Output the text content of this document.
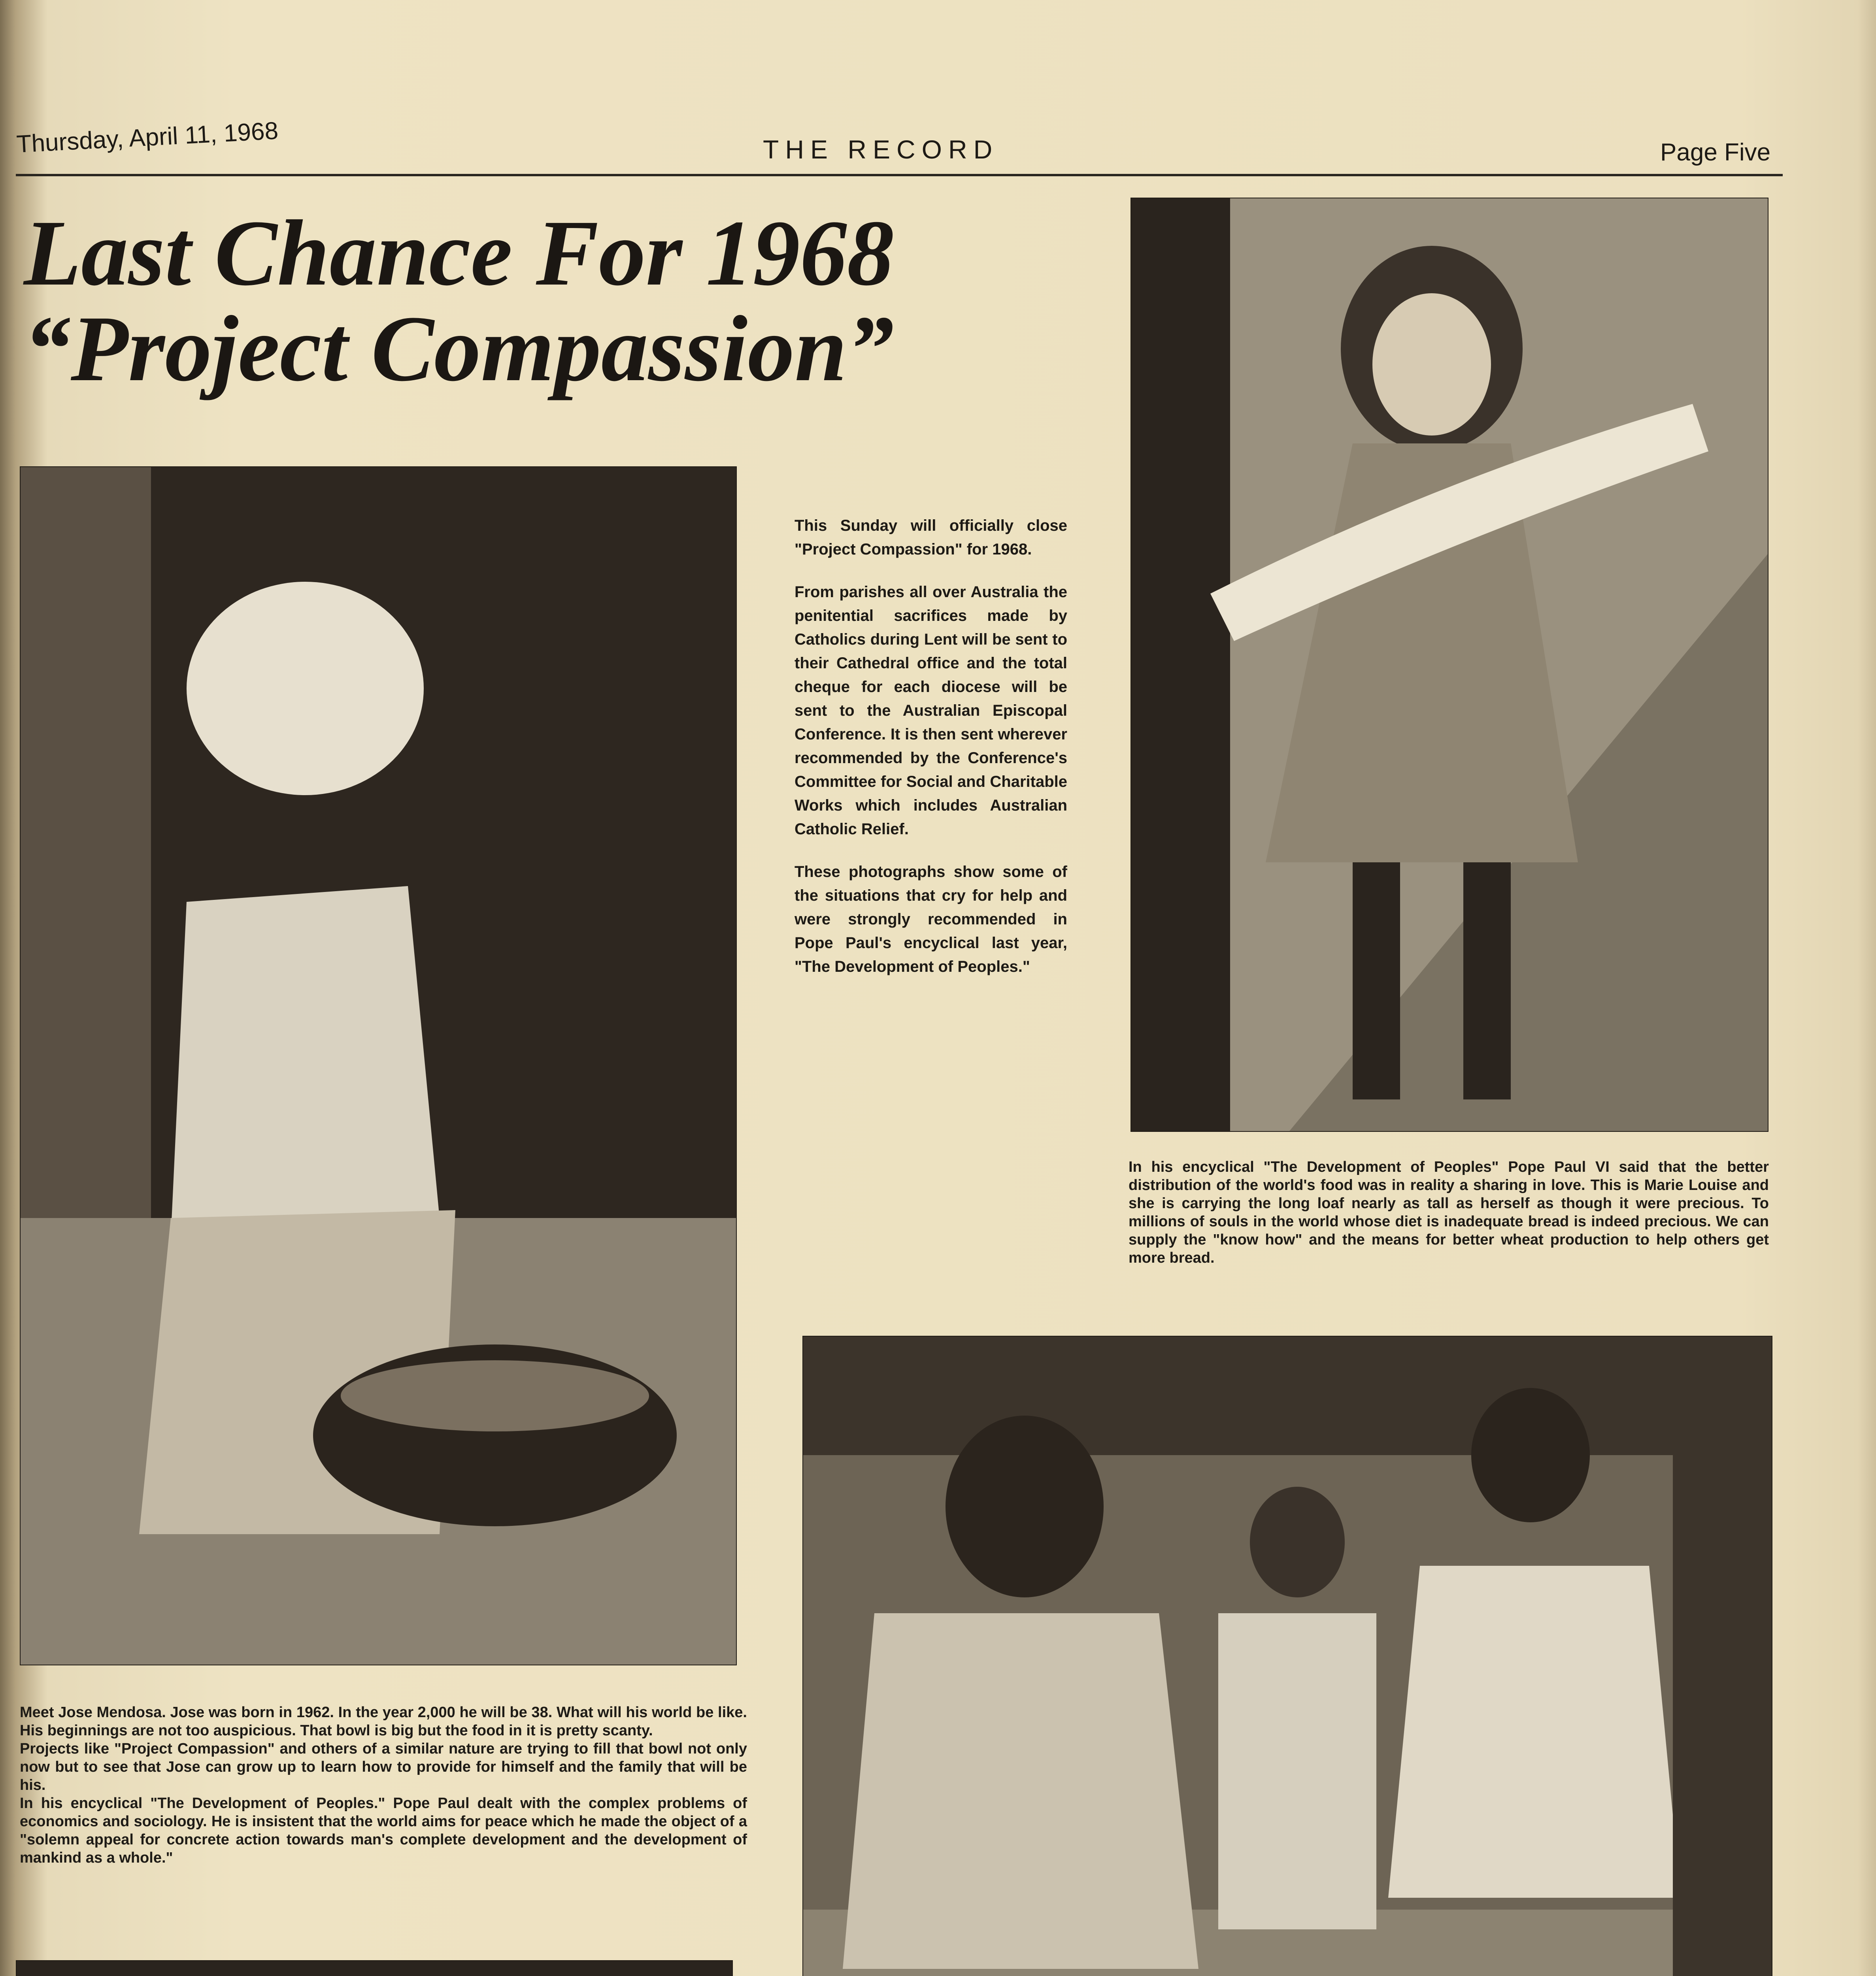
Thursday, April 11, 1968	THE RECORD	Page Five
Last Chance For 1968
“Project Compassion”

This Sunday will officially close "Project Compassion" for 1968.

From parishes all over Australia the penitential sacrifices made by Catholics during Lent will be sent to their Cathedral office and the total cheque for each diocese will be sent to the Australian Episcopal Conference. It is then sent wherever recommended by the Conference's Committee for Social and Charitable Works which includes Australian Catholic Relief.

These photographs show some of the situations that cry for help and were strongly recommended in Pope Paul's encyclical last year, "The Development of Peoples."

In his encyclical "The Development of Peoples" Pope Paul VI said that the better distribution of the world's food was in reality a sharing in love. This is Marie Louise and she is carrying the long loaf nearly as tall as herself as though it were precious. To millions of souls in the world whose diet is inadequate bread is indeed precious. We can supply the "know how" and the means for better wheat production to help others get more bread.

Meet Jose Mendosa. Jose was born in 1962. In the year 2,000 he will be 38. What will his world be like. His beginnings are not too auspicious. That bowl is big but the food in it is pretty scanty.

Projects like "Project Compassion" and others of a similar nature are trying to fill that bowl not only now but to see that Jose can grow up to learn how to provide for himself and the family that will be his.

In his encyclical "The Development of Peoples." Pope Paul dealt with the complex problems of economics and sociology. He is insistent that the world aims for peace which he made the object of a "solemn appeal for concrete action towards man's complete development and the development of mankind as a whole."
